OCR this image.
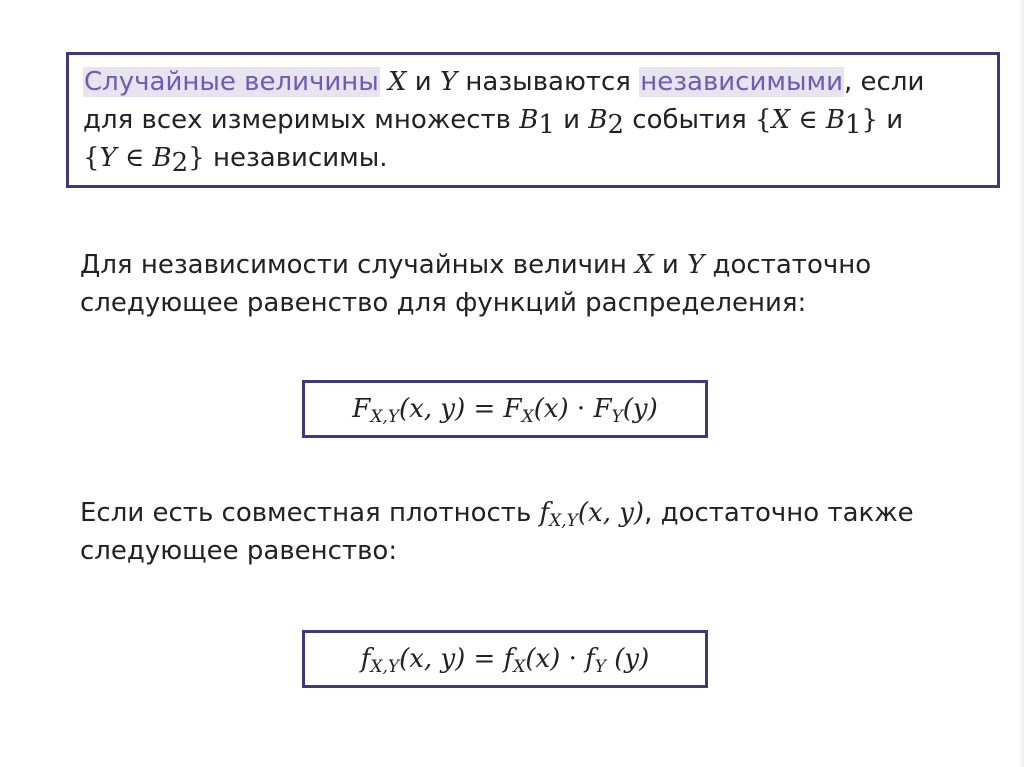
Случайные величины X и Y называются независимыми, если
для всех измеримых множеств $B_1$ и $B_2$ события {X ∈ $B_1$} и
{Y ∈ $B_2$} независимы.
Для независимости случайных величин X и Y достаточно
следующее равенство для функций распределения:
$F_{X,Y}(x$, $y) = F_X(x) \cdot F_Y(y)$
Если есть совместная плотность $f_{X,Y}(x$, y), достаточно также
следующее равенство:
$f_{X,Y}(x$, $y) = f_X(x) \cdot f_Y$ (y)
